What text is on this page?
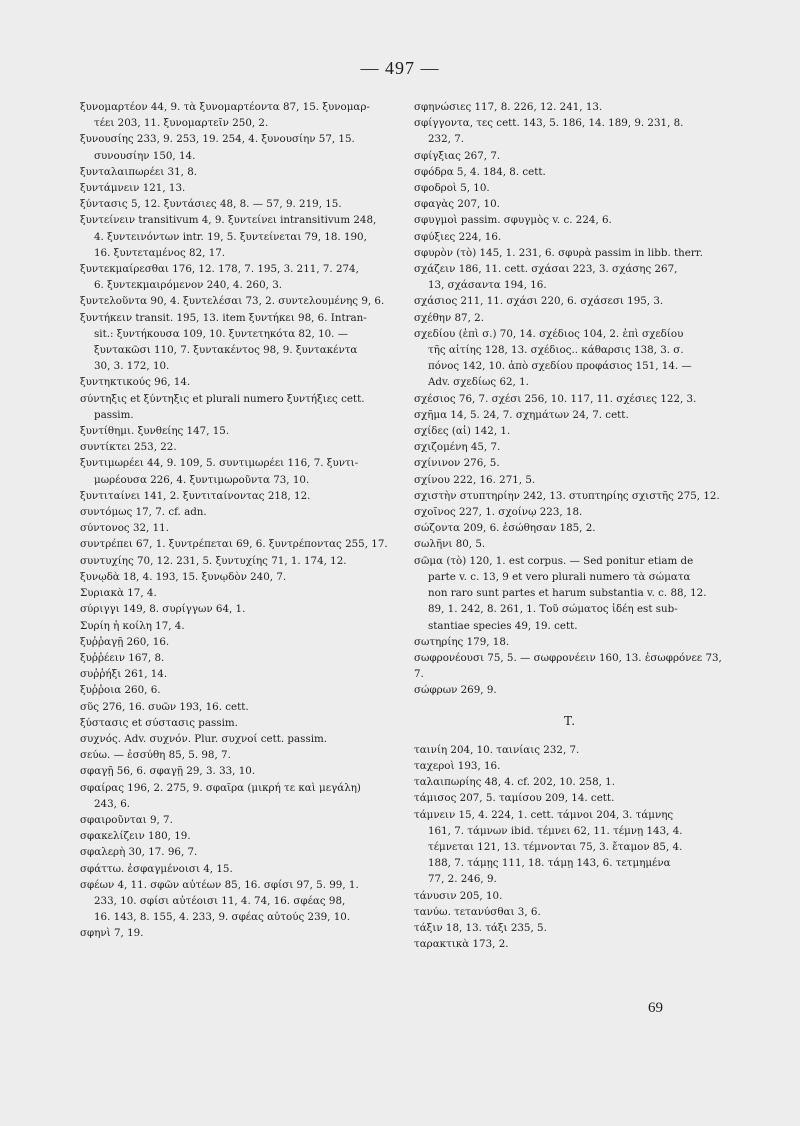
— 497 —
ξυνομαρτέον 44, 9. τὰ ξυνομαρτέοντα 87, 15. ξυνομαρ-
τέει 203, 11. ξυνομαρτεῖν 250, 2.
ξυνουσίης 233, 9. 253, 19. 254, 4. ξυνουσίην 57, 15.
συνουσίην 150, 14.
ξυνταλαιπωρέει 31, 8.
ξυντάμνειν 121, 13.
ξύντασις 5, 12. ξυντάσιες 48, 8. — 57, 9. 219, 15.
ξυντείνειν transitivum 4, 9. ξυντείνει intransitivum 248,
4. ξυντεινόντων intr. 19, 5. ξυντείνεται 79, 18. 190,
16. ξυντεταμένος 82, 17.
ξυντεκμαίρεσθαι 176, 12. 178, 7. 195, 3. 211, 7. 274,
6. ξυντεκμαιρόμενον 240, 4. 260, 3.
ξυντελοῦντα 90, 4. ξυντελέσαι 73, 2. συντελουμένης 9, 6.
ξυντήκειν transit. 195, 13. item ξυντήκει 98, 6. Intran-
sit.: ξυντήκουσα 109, 10. ξυντετηκότα 82, 10. —
ξυντακῶσι 110, 7. ξυντακέντος 98, 9. ξυντακέντα
30, 3. 172, 10.
ξυντηκτικούς 96, 14.
σύντηξις et ξύντηξις et plurali numero ξυντήξιες cett.
passim.
ξυντίθημι. ξυνθείης 147, 15.
συντίκτει 253, 22.
ξυντιμωρέει 44, 9. 109, 5. συντιμωρέει 116, 7. ξυντι-
μωρέουσα 226, 4. ξυντιμωροῦντα 73, 10.
ξυντιταίνει 141, 2. ξυντιταίνοντας 218, 12.
συντόμως 17, 7. cf. adn.
σύντονος 32, 11.
συντρέπει 67, 1. ξυντρέπεται 69, 6. ξυντρέποντας 255, 17.
συντυχίης 70, 12. 231, 5. ξυντυχίης 71, 1. 174, 12.
ξυνῳδὰ 18, 4. 193, 15. ξυνῳδὸν 240, 7.
Συριακὰ 17, 4.
σύριγγι 149, 8. συρίγγων 64, 1.
Συρίη ἡ κοίλη 17, 4.
ξυῤῥαγῇ 260, 16.
ξυῤῥέειν 167, 8.
συῤῥήξι 261, 14.
ξυῤῥοια 260, 6.
σῦς 276, 16. συῶν 193, 16. cett.
ξύστασις et σύστασις passim.
συχνός. Adv. συχνόν. Plur. συχνοί cett. passim.
σεύω. — ἐσσύθη 85, 5. 98, 7.
σφαγῇ 56, 6. σφαγῇ 29, 3. 33, 10.
σφαίρας 196, 2. 275, 9. σφαῖρα (μικρή τε καὶ μεγάλη)
243, 6.
σφαιροῦνται 9, 7.
σφακελίζειν 180, 19.
σφαλερὴ 30, 17. 96, 7.
σφάττω. ἐσφαγμένοισι 4, 15.
σφέων 4, 11. σφῶν αὐτέων 85, 16. σφίσι 97, 5. 99, 1.
233, 10. σφίσι αὐτέοισι 11, 4. 74, 16. σφέας 98,
16. 143, 8. 155, 4. 233, 9. σφέας αὐτούς 239, 10.
σφηνὶ 7, 19.
σφηνώσιες 117, 8. 226, 12. 241, 13.
σφίγγοντα, τες cett. 143, 5. 186, 14. 189, 9. 231, 8.
232, 7.
σφίγξιας 267, 7.
σφόδρα 5, 4. 184, 8. cett.
σφοδροὶ 5, 10.
σφαγὰς 207, 10.
σφυγμοὶ passim. σφυγμὸς v. c. 224, 6.
σφύξιες 224, 16.
σφυρὸν (τὸ) 145, 1. 231, 6. σφυρὰ passim in libb. therr.
σχάζειν 186, 11. cett. σχάσαι 223, 3. σχάσης 267,
13, σχάσαντα 194, 16.
σχάσιος 211, 11. σχάσι 220, 6. σχάσεσι 195, 3.
σχέθην 87, 2.
σχεδίου (ἐπὶ σ.) 70, 14. σχέδιος 104, 2. ἐπὶ σχεδίου
τῆς αἰτίης 128, 13. σχέδιος.. κάθαρσις 138, 3. σ.
πόνος 142, 10. ἀπὸ σχεδίου προφάσιος 151, 14. —
Adv. σχεδίως 62, 1.
σχέσιος 76, 7. σχέσι 256, 10. 117, 11. σχέσιες 122, 3.
σχῆμα 14, 5. 24, 7. σχημάτων 24, 7. cett.
σχίδες (αἱ) 142, 1.
σχιζομένη 45, 7.
σχίνινον 276, 5.
σχίνου 222, 16. 271, 5.
σχιστὴν στυπτηρίην 242, 13. στυπτηρίης σχιστῆς 275, 12.
σχοῖνος 227, 1. σχοίνῳ 223, 18.
σώζοντα 209, 6. ἐσώθησαν 185, 2.
σωλῆνι 80, 5.
σῶμα (τὸ) 120, 1. est corpus. — Sed ponitur etiam de
parte v. c. 13, 9 et vero plurali numero τὰ σώματα
non raro sunt partes et harum substantia v. c. 88, 12.
89, 1. 242, 8. 261, 1. Τοῦ σώματος ἰδέη est sub-
stantiae species 49, 19. cett.
σωτηρίης 179, 18.
σωφρονέουσι 75, 5. — σωφρονέειν 160, 13. ἐσωφρόνεε 73, 7.
σώφρων 269, 9.
T.
ταινίη 204, 10. ταινίαις 232, 7.
ταχεροὶ 193, 16.
ταλαιπωρίης 48, 4. cf. 202, 10. 258, 1.
τάμισος 207, 5. ταμίσου 209, 14. cett.
τάμνειν 15, 4. 224, 1. cett. τάμνοι 204, 3. τάμνης
161, 7. τάμνων ibid. τέμνει 62, 11. τέμνῃ 143, 4.
τέμνεται 121, 13. τέμνονται 75, 3. ἔταμον 85, 4.
188, 7. τάμῃς 111, 18. τάμῃ 143, 6. τετμημένα
77, 2. 246, 9.
τάνυσιν 205, 10.
τανύω. τετανύσθαι 3, 6.
τάξιν 18, 13. τάξι 235, 5.
ταρακτικὰ 173, 2.
69
